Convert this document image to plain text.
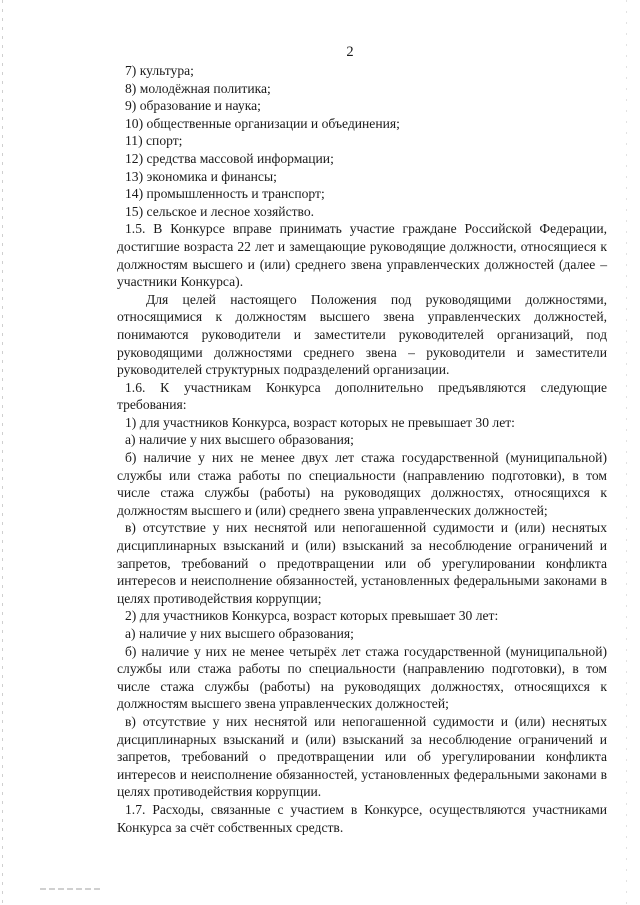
2
7) культура;
8) молодёжная политика;
9) образование и наука;
10) общественные организации и объединения;
11) спорт;
12) средства массовой информации;
13) экономика и финансы;
14) промышленность и транспорт;
15) сельское и лесное хозяйство.
1.5. В Конкурсе вправе принимать участие граждане Российской Федерации, достигшие возраста 22 лет и замещающие руководящие должности, относящиеся к должностям высшего и (или) среднего звена управленческих должностей (далее – участники Конкурса).
Для целей настоящего Положения под руководящими должностями, относящимися к должностям высшего звена управленческих должностей, понимаются руководители и заместители руководителей организаций, под руководящими должностями среднего звена – руководители и заместители руководителей структурных подразделений организации.
1.6. К участникам Конкурса дополнительно предъявляются следующие требования:
1) для участников Конкурса, возраст которых не превышает 30 лет:
а) наличие у них высшего образования;
б) наличие у них не менее двух лет стажа государственной (муниципальной) службы или стажа работы по специальности (направлению подготовки), в том числе стажа службы (работы) на руководящих должностях, относящихся к должностям высшего и (или) среднего звена управленческих должностей;
в) отсутствие у них неснятой или непогашенной судимости и (или) неснятых дисциплинарных взысканий и (или) взысканий за несоблюдение ограничений и запретов, требований о предотвращении или об урегулировании конфликта интересов и неисполнение обязанностей, установленных федеральными законами в целях противодействия коррупции;
2) для участников Конкурса, возраст которых превышает 30 лет:
а) наличие у них высшего образования;
б) наличие у них не менее четырёх лет стажа государственной (муниципальной) службы или стажа работы по специальности (направлению подготовки), в том числе стажа службы (работы) на руководящих должностях, относящихся к должностям высшего звена управленческих должностей;
в) отсутствие у них неснятой или непогашенной судимости и (или) неснятых дисциплинарных взысканий и (или) взысканий за несоблюдение ограничений и запретов, требований о предотвращении или об урегулировании конфликта интересов и неисполнение обязанностей, установленных федеральными законами в целях противодействия коррупции.
1.7. Расходы, связанные с участием в Конкурсе, осуществляются участниками Конкурса за счёт собственных средств.
